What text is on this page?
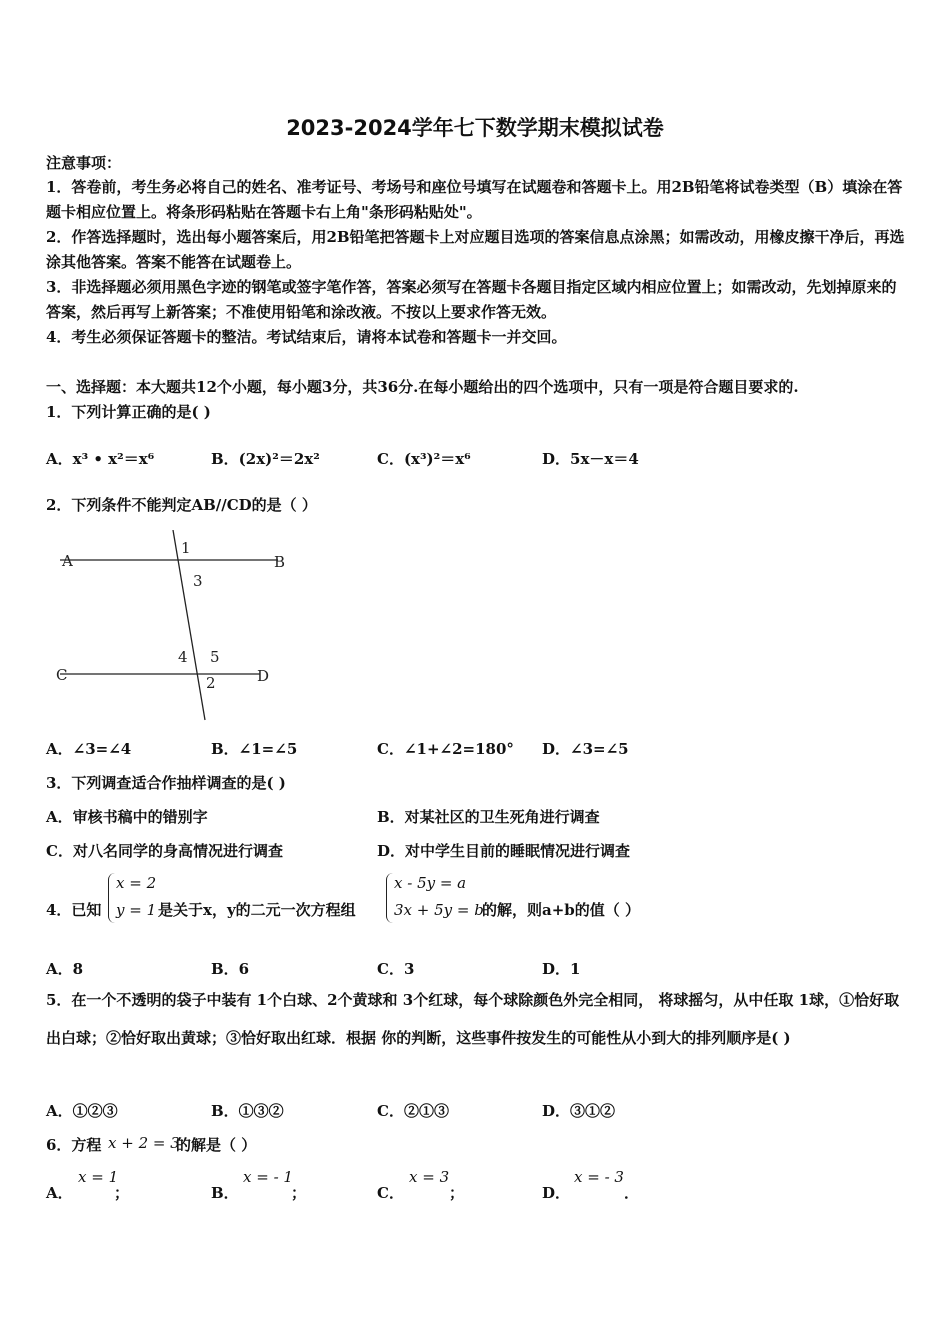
2023-2024学年七下数学期末模拟试卷
注意事项：
1．答卷前，考生务必将自己的姓名、准考证号、考场号和座位号填写在试题卷和答题卡上。用2B铅笔将试卷类型（B）填涂在答题卡相应位置上。将条形码粘贴在答题卡右上角"条形码粘贴处"。
2．作答选择题时，选出每小题答案后，用2B铅笔把答题卡上对应题目选项的答案信息点涂黑；如需改动，用橡皮擦干净后，再选涂其他答案。答案不能答在试题卷上。
3．非选择题必须用黑色字迹的钢笔或签字笔作答，答案必须写在答题卡各题目指定区域内相应位置上；如需改动，先划掉原来的答案，然后再写上新答案；不准使用铅笔和涂改液。不按以上要求作答无效。
4．考生必须保证答题卡的整洁。考试结束后，请将本试卷和答题卡一并交回。
一、选择题：本大题共12个小题，每小题3分，共36分.在每小题给出的四个选项中，只有一项是符合题目要求的.
1．下列计算正确的是( )
A．x³ • x²＝x⁶	B．(2x)²＝2x²	C．(x³)²＝x⁶	D．5x－x＝4
2．下列条件不能判定AB//CD的是（ ）
A	B
C	D
1
3
4 5
2
A．∠3=∠4	B．∠1=∠5	C．∠1+∠2=180° D．∠3=∠5
3．下列调查适合作抽样调查的是( )
A．审核书稿中的错别字	B．对某社区的卫生死角进行调查
C．对八名同学的身高情况进行调查	D．对中学生目前的睡眠情况进行调查
4．已知
x = 2
y = 1 是关于x，y的二元一次方程组
x - 5y = a
3x + 5y = b
的解，则a+b的值（ ）
A．8	B．6	C．3	D．1
5．在一个不透明的袋子中装有 1个白球、2个黄球和 3个红球，每个球除颜色外完全相同， 将球摇匀，从中任取 1球，①恰好取出白球；②恰好取出黄球；③恰好取出红球．根据 你的判断，这些事件按发生的可能性从小到大的排列顺序是( )
A．①②③	B．①③②	C．②①③	D．③①②
6．方程 x + 2 = 3
的解是（ ）
A．
x = 1
；	B．
x = - 1
；	C．
x = 3
；	D．
x = - 3
．
